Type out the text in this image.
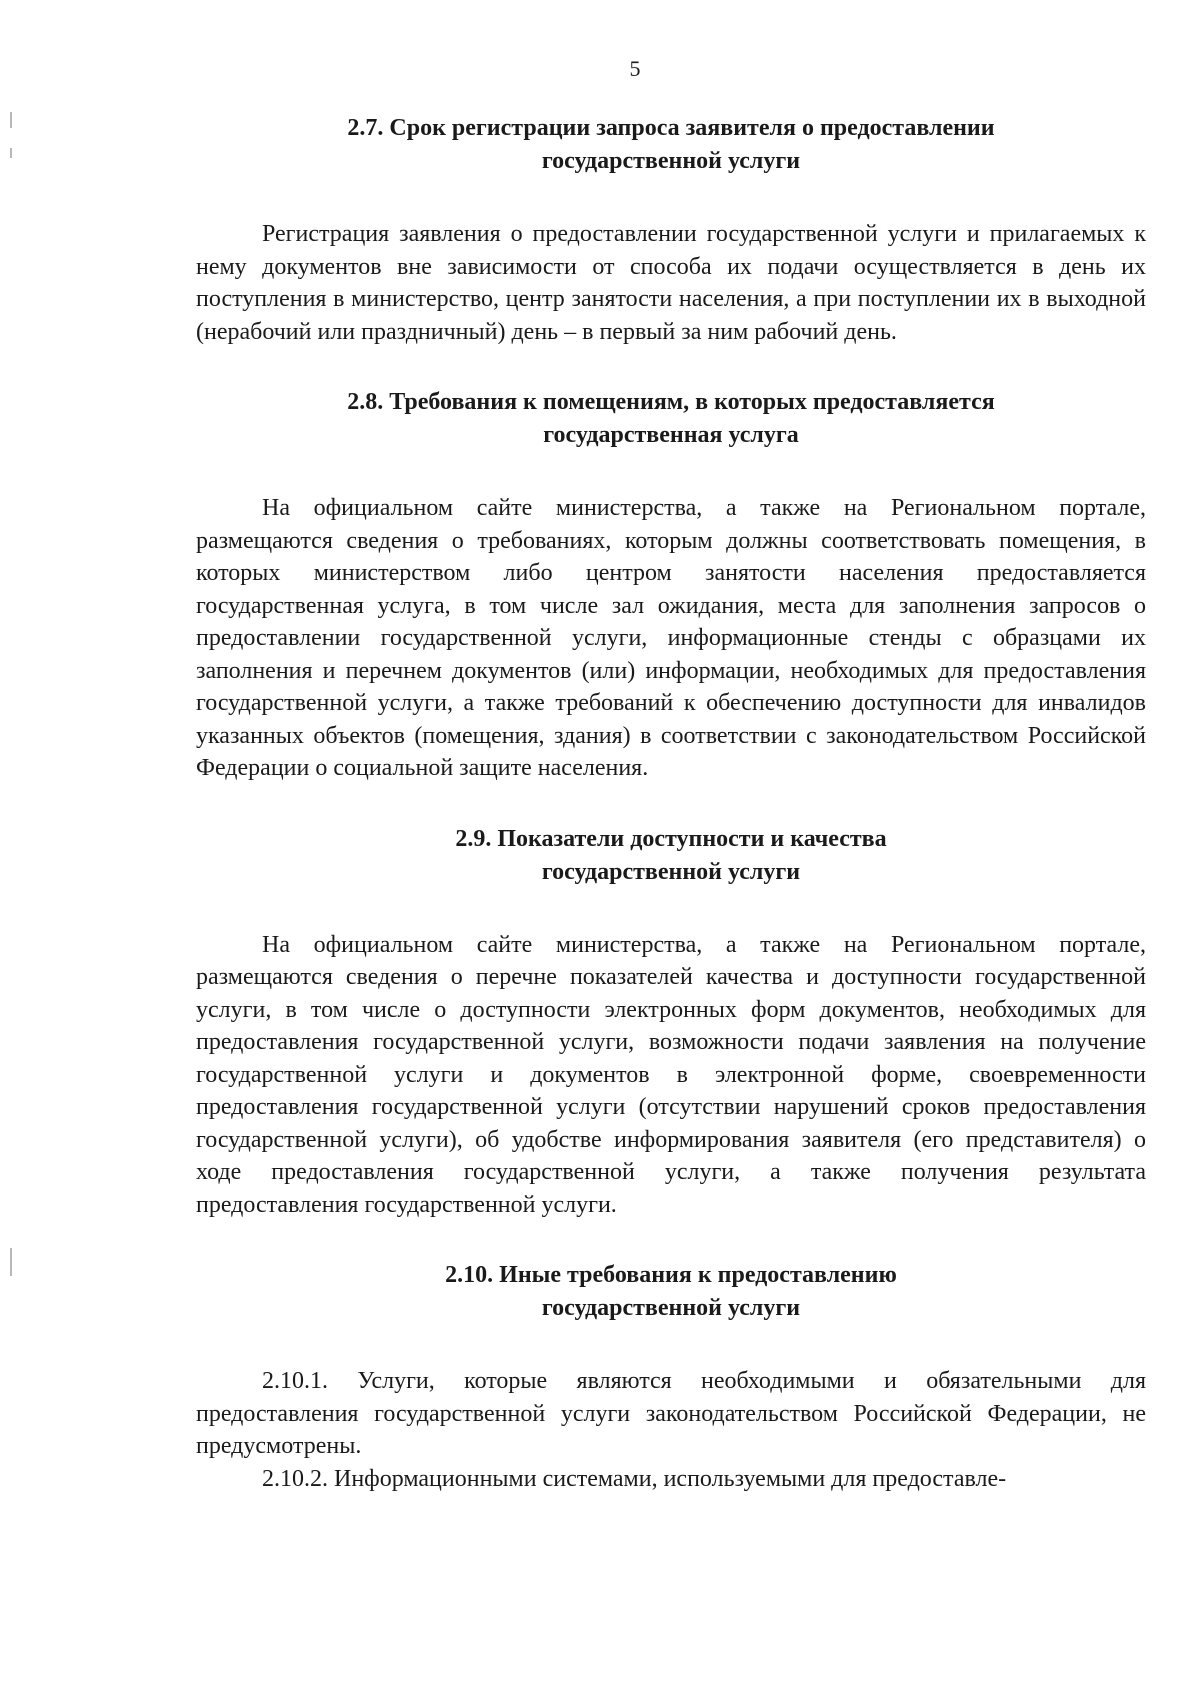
5
2.7. Срок регистрации запроса заявителя о предоставлении
государственной услуги

Регистрация заявления о предоставлении государственной услуги и прилагаемых к нему документов вне зависимости от способа их подачи осуществляется в день их поступления в министерство, центр занятости населения, а при поступлении их в выходной (нерабочий или праздничный) день – в первый за ним рабочий день.

2.8. Требования к помещениям, в которых предоставляется
государственная услуга

На официальном сайте министерства, а также на Региональном портале, размещаются сведения о требованиях, которым должны соответствовать помещения, в которых министерством либо центром занятости населения предоставляется государственная услуга, в том числе зал ожидания, места для заполнения запросов о предоставлении государственной услуги, информационные стенды с образцами их заполнения и перечнем документов (или) информации, необходимых для предоставления государственной услуги, а также требований к обеспечению доступности для инвалидов указанных объектов (помещения, здания) в соответствии с законодательством Российской Федерации о социальной защите населения.

2.9. Показатели доступности и качества
государственной услуги

На официальном сайте министерства, а также на Региональном портале, размещаются сведения о перечне показателей качества и доступности государственной услуги, в том числе о доступности электронных форм документов, необходимых для предоставления государственной услуги, возможности подачи заявления на получение государственной услуги и документов в электронной форме, своевременности предоставления государственной услуги (отсутствии нарушений сроков предоставления государственной услуги), об удобстве информирования заявителя (его представителя) о ходе предоставления государственной услуги, а также получения результата предоставления государственной услуги.

2.10. Иные требования к предоставлению
государственной услуги

2.10.1. Услуги, которые являются необходимыми и обязательными для предоставления государственной услуги законодательством Российской Федерации, не предусмотрены.

2.10.2. Информационными системами, используемыми для предоставле-
